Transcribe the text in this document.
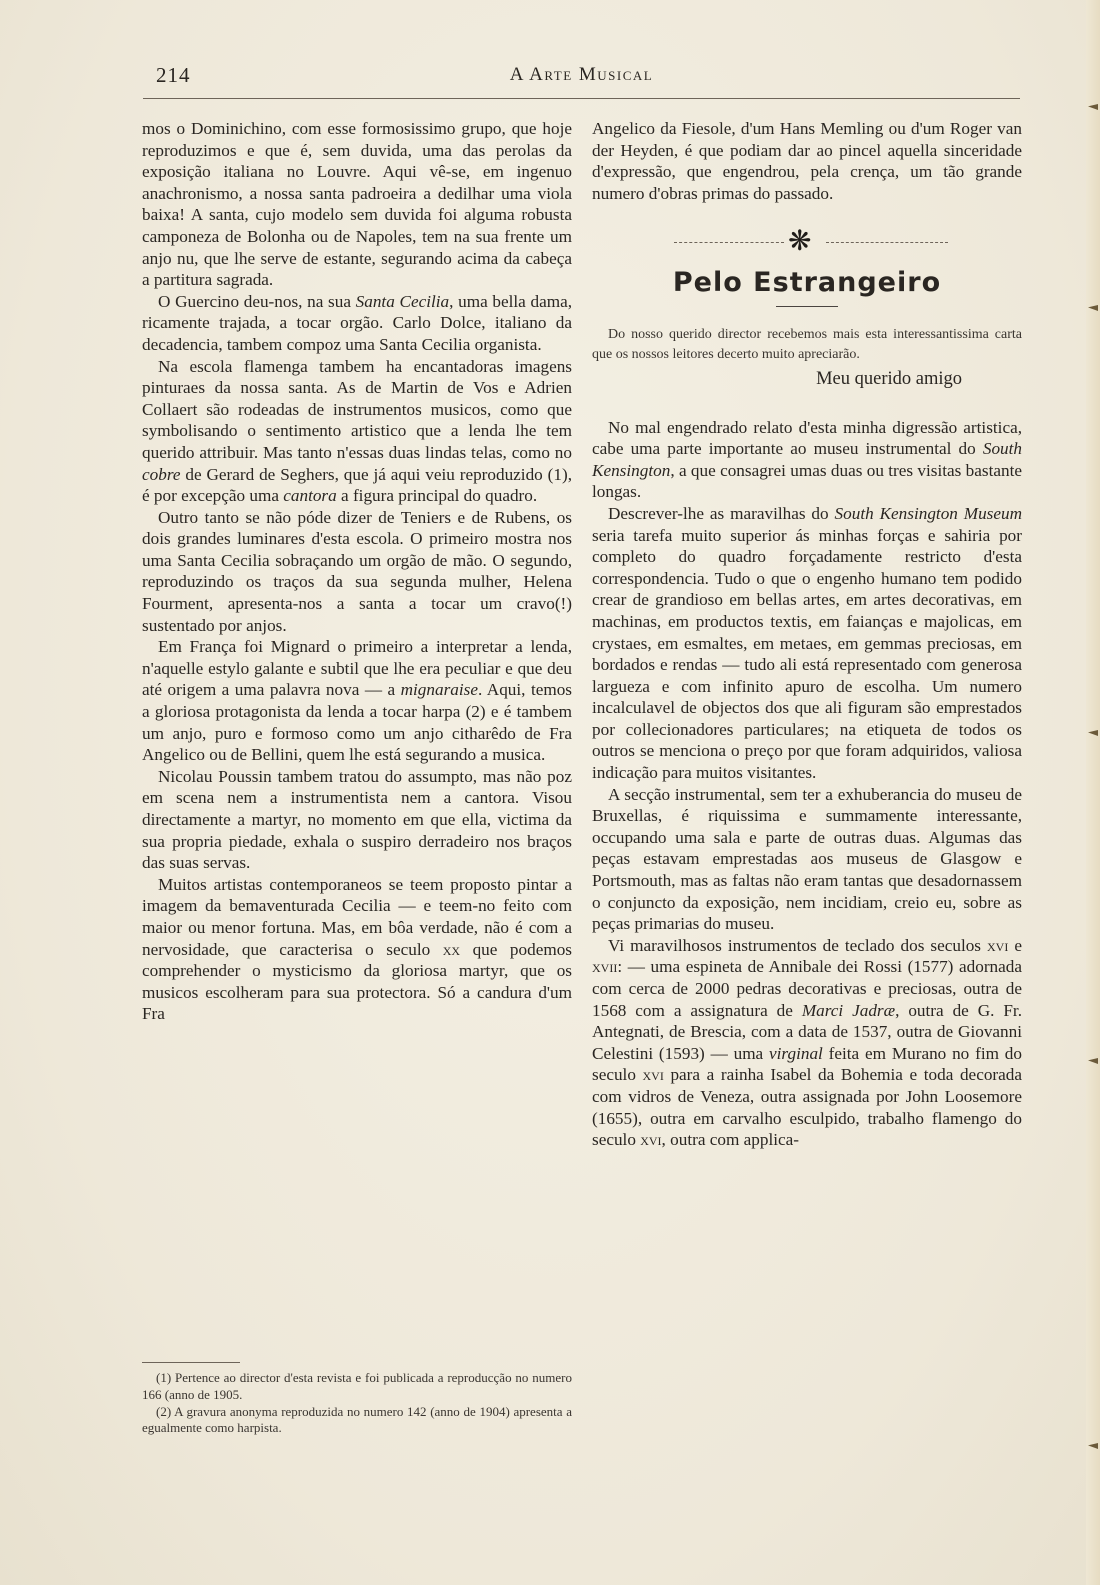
214	A Arte Musical

mos o Dominichino, com esse formosissimo grupo, que hoje reproduzimos e que é, sem duvida, uma das perolas da exposição italiana no Louvre. Aqui vê-se, em ingenuo anachronismo, a nossa santa padroeira a dedilhar uma viola baixa! A santa, cujo modelo sem duvida foi alguma robusta camponeza de Bolonha ou de Napoles, tem na sua frente um anjo nu, que lhe serve de estante, segurando acima da cabeça a partitura sagrada.

O Guercino deu-nos, na sua Santa Cecilia, uma bella dama, ricamente trajada, a tocar orgão. Carlo Dolce, italiano da decadencia, tambem compoz uma Santa Cecilia organista.

Na escola flamenga tambem ha encantadoras imagens pinturaes da nossa santa. As de Martin de Vos e Adrien Collaert são rodeadas de instrumentos musicos, como que symbolisando o sentimento artistico que a lenda lhe tem querido attribuir. Mas tanto n'essas duas lindas telas, como no cobre de Gerard de Seghers, que já aqui veiu reproduzido (1), é por excepção uma cantora a figura principal do quadro.

Outro tanto se não póde dizer de Teniers e de Rubens, os dois grandes luminares d'esta escola. O primeiro mostra nos uma Santa Cecilia sobraçando um orgão de mão. O segundo, reproduzindo os traços da sua segunda mulher, Helena Fourment, apresenta-nos a santa a tocar um cravo(!) sustentado por anjos.

Em França foi Mignard o primeiro a interpretar a lenda, n'aquelle estylo galante e subtil que lhe era peculiar e que deu até origem a uma palavra nova — a mignaraise. Aqui, temos a gloriosa protagonista da lenda a tocar harpa (2) e é tambem um anjo, puro e formoso como um anjo citharêdo de Fra Angelico ou de Bellini, quem lhe está segurando a musica.

Nicolau Poussin tambem tratou do assumpto, mas não poz em scena nem a instrumentista nem a cantora. Visou directamente a martyr, no momento em que ella, victima da sua propria piedade, exhala o suspiro derradeiro nos braços das suas servas.

Muitos artistas contemporaneos se teem proposto pintar a imagem da bemaventurada Cecilia — e teem-no feito com maior ou menor fortuna. Mas, em bôa verdade, não é com a nervosidade, que caracterisa o seculo xx que podemos comprehender o mysticismo da gloriosa martyr, que os musicos escolheram para sua protectora. Só a candura d'um Fra

(1) Pertence ao director d'esta revista e foi publicada a reproducção no numero 166 (anno de 1905.

(2) A gravura anonyma reproduzida no numero 142 (anno de 1904) apresenta a egualmente como harpista.

Angelico da Fiesole, d'um Hans Memling ou d'um Roger van der Heyden, é que podiam dar ao pincel aquella sinceridade d'expressão, que engendrou, pela crença, um tão grande numero d'obras primas do passado.

❋
Pelo Estrangeiro

Do nosso querido director recebemos mais esta interessantissima carta que os nossos leitores decerto muito apreciarão.

Meu querido amigo

No mal engendrado relato d'esta minha digressão artistica, cabe uma parte importante ao museu instrumental do South Kensington, a que consagrei umas duas ou tres visitas bastante longas.

Descrever-lhe as maravilhas do South Kensington Museum seria tarefa muito superior ás minhas forças e sahiria por completo do quadro forçadamente restricto d'esta correspondencia. Tudo o que o engenho humano tem podido crear de grandioso em bellas artes, em artes decorativas, em machinas, em productos textis, em faianças e majolicas, em crystaes, em esmaltes, em metaes, em gemmas preciosas, em bordados e rendas — tudo ali está representado com generosa largueza e com infinito apuro de escolha. Um numero incalculavel de objectos dos que ali figuram são emprestados por collecionadores particulares; na etiqueta de todos os outros se menciona o preço por que foram adquiridos, valiosa indicação para muitos visitantes.

A secção instrumental, sem ter a exhuberancia do museu de Bruxellas, é riquissima e summamente interessante, occupando uma sala e parte de outras duas. Algumas das peças estavam emprestadas aos museus de Glasgow e Portsmouth, mas as faltas não eram tantas que desadornassem o conjuncto da exposição, nem incidiam, creio eu, sobre as peças primarias do museu.

Vi maravilhosos instrumentos de teclado dos seculos xvi e xvii: — uma espineta de Annibale dei Rossi (1577) adornada com cerca de 2000 pedras decorativas e preciosas, outra de 1568 com a assignatura de Marci Jadræ, outra de G. Fr. Antegnati, de Brescia, com a data de 1537, outra de Giovanni Celestini (1593) — uma virginal feita em Murano no fim do seculo xvi para a rainha Isabel da Bohemia e toda decorada com vidros de Veneza, outra assignada por John Loosemore (1655), outra em carvalho esculpido, trabalho flamengo do seculo xvi, outra com applica-
